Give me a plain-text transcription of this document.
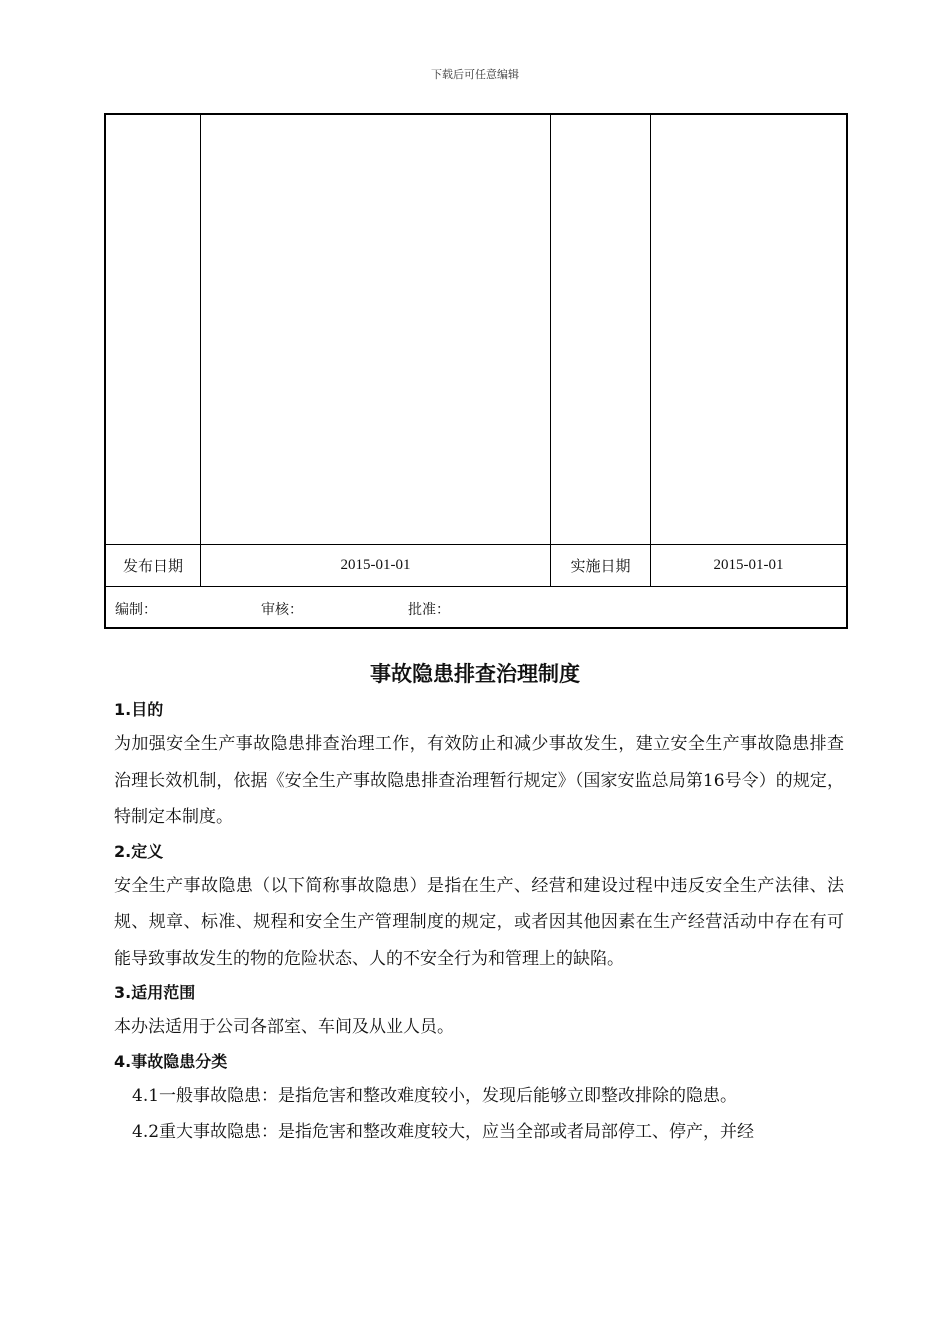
下载后可任意编辑
发布日期	2015-01-01	实施日期	2015-01-01
编制：	审核：	批准：
事故隐患排查治理制度
1.目的

为加强安全生产事故隐患排查治理工作，有效防止和减少事故发生，建立安全生产事故隐患排查治理长效机制，依据《安全生产事故隐患排查治理暂行规定》（国家安监总局第16号令）的规定，特制定本制度。

2.定义

安全生产事故隐患（以下简称事故隐患）是指在生产、经营和建设过程中违反安全生产法律、法规、规章、标准、规程和安全生产管理制度的规定，或者因其他因素在生产经营活动中存在有可能导致事故发生的物的危险状态、人的不安全行为和管理上的缺陷。

3.适用范围

本办法适用于公司各部室、车间及从业人员。

4.事故隐患分类

4.1一般事故隐患：是指危害和整改难度较小，发现后能够立即整改排除的隐患。

4.2重大事故隐患：是指危害和整改难度较大，应当全部或者局部停工、停产，并经
